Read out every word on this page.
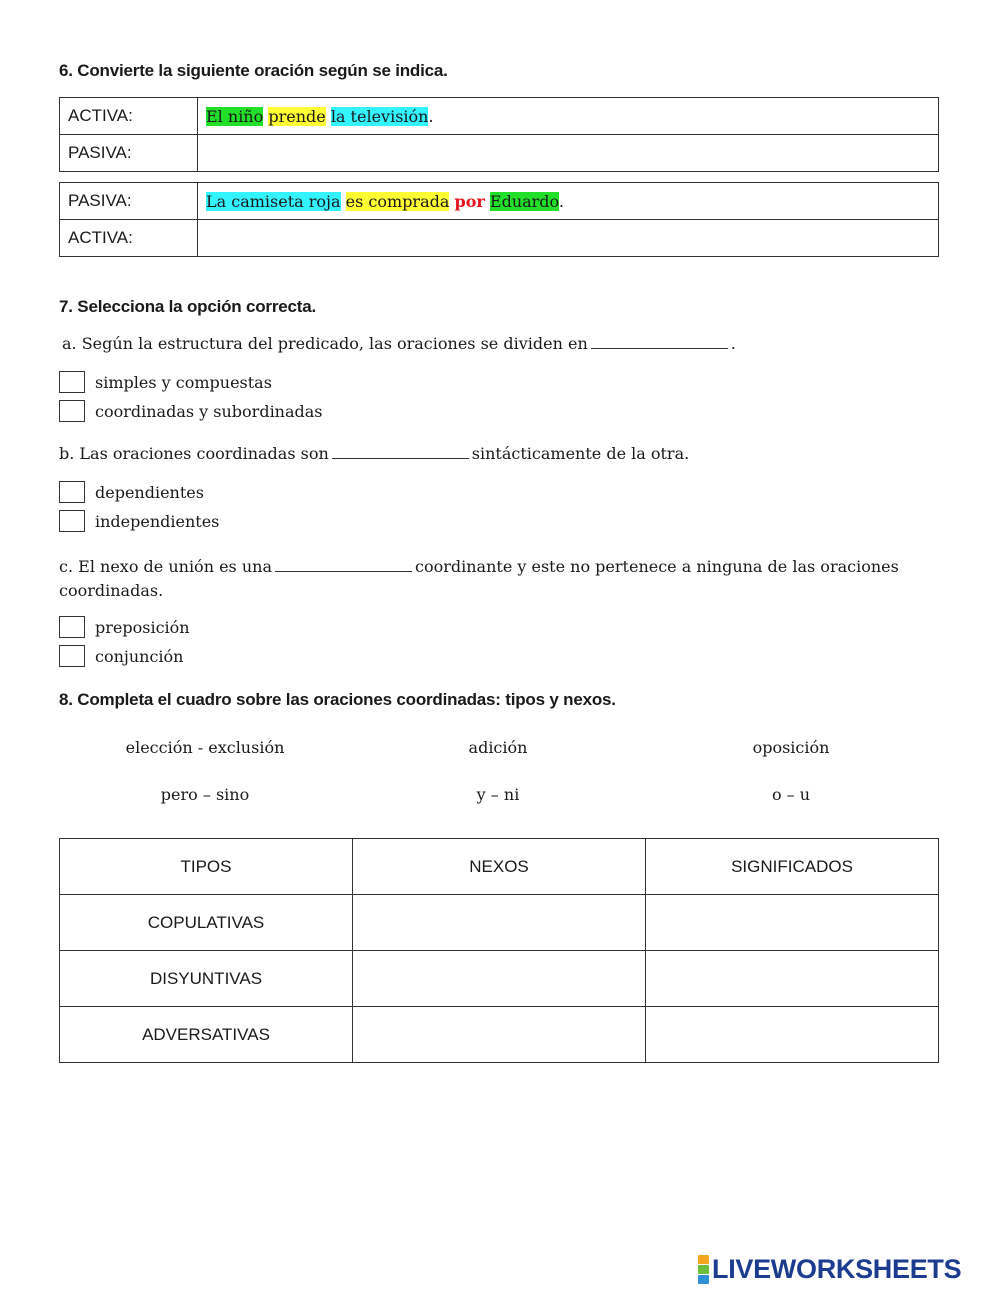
6. Convierte la siguiente oración según se indica.
ACTIVA:	El niño prende la televisión.
PASIVA:	
PASIVA:	La camiseta roja es comprada por Eduardo.
ACTIVA:	
7. Selecciona la opción correcta.
a. Según la estructura del predicado, las oraciones se dividen en	.
simples y compuestas
coordinadas y subordinadas
b. Las oraciones coordinadas son	sintácticamente de la otra.
dependientes
independientes
c. El nexo de unión es una	coordinante y este no pertenece a ninguna de las oraciones
coordinadas.
preposición
conjunción
8. Completa el cuadro sobre las oraciones coordinadas: tipos y nexos.
elección - exclusión	adición	oposición
pero – sino	y – ni	o – u
TIPOS	NEXOS	SIGNIFICADOS
COPULATIVAS		
DISYUNTIVAS		
ADVERSATIVAS		
LIVEWORKSHEETS
